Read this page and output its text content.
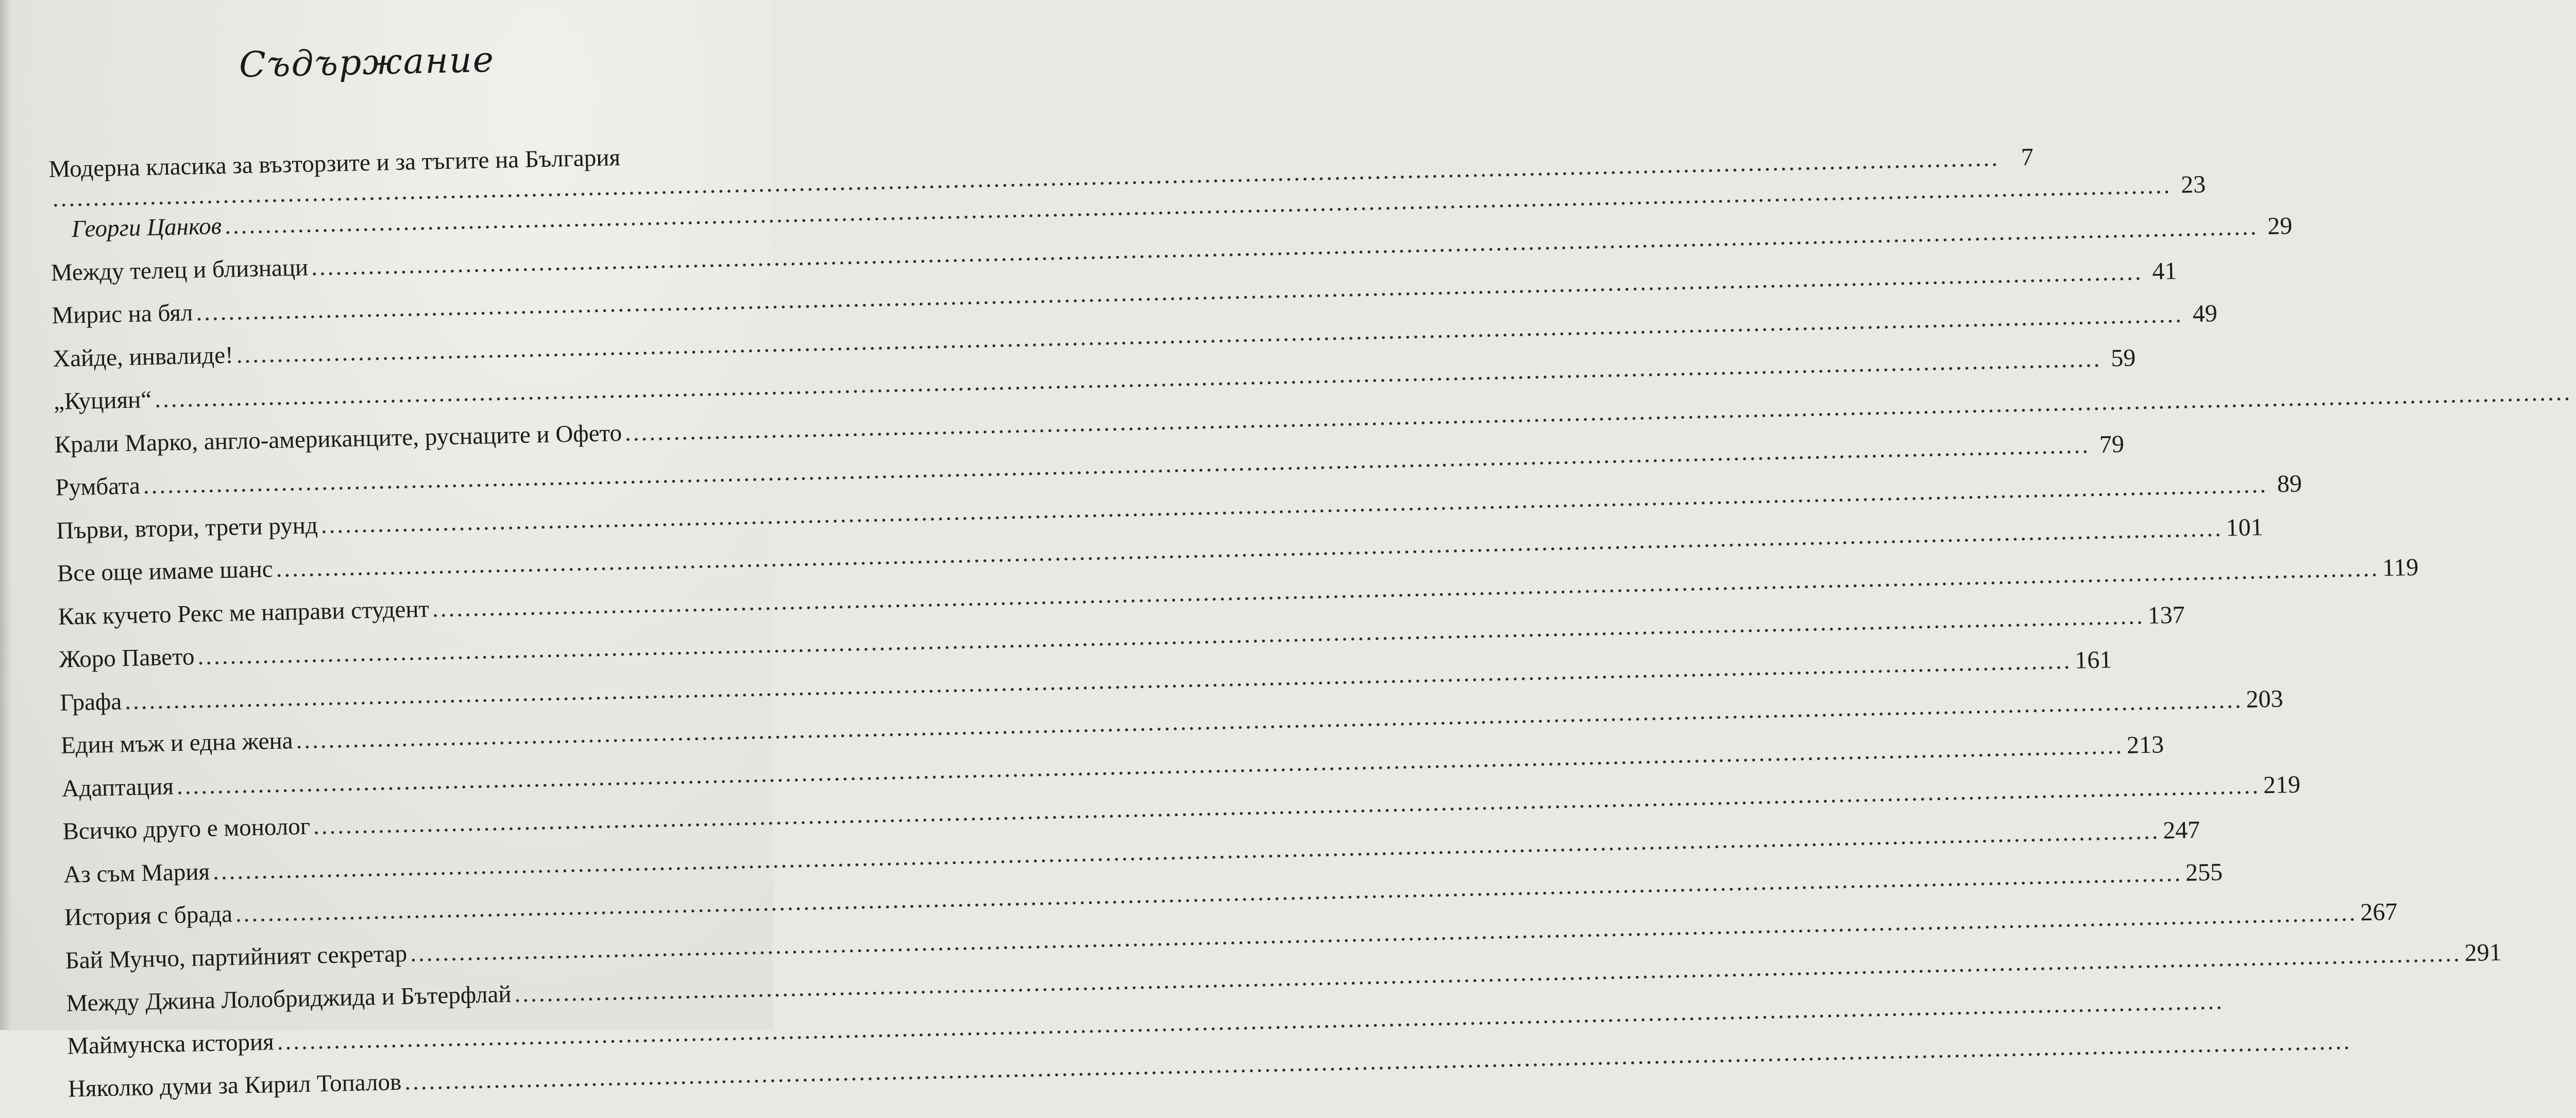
Съдържание
Модерна класика за възторзите и за тъгите на България
.....	7
Георги Цанков
.....
23
Между телец и близнаци
.....
29
Мирис на бял
.....
41
Хайде, инвалиде!
.....
49
„Куциян“
.....
59
Крали Марко, англо-американците, руснаците и Офето
.....
Румбата
.....
79
Първи, втори, трети рунд
.....
89
Все още имаме шанс
.....
101
Как кучето Рекс ме направи студент
.....
119
Жоро Павето
.....
137
Графа
.....
161
Един мъж и една жена
.....
203
Адаптация
.....
213
Всичко друго е монолог
.....
219
Аз съм Мария
.....
247
История с брада
.....
255
Бай Мунчо, партийният секретар
.....
267
Между Джина Лолобриджида и Бътерфлай
.....
291
Маймунска история
.....
Няколко думи за Кирил Топалов
.....
